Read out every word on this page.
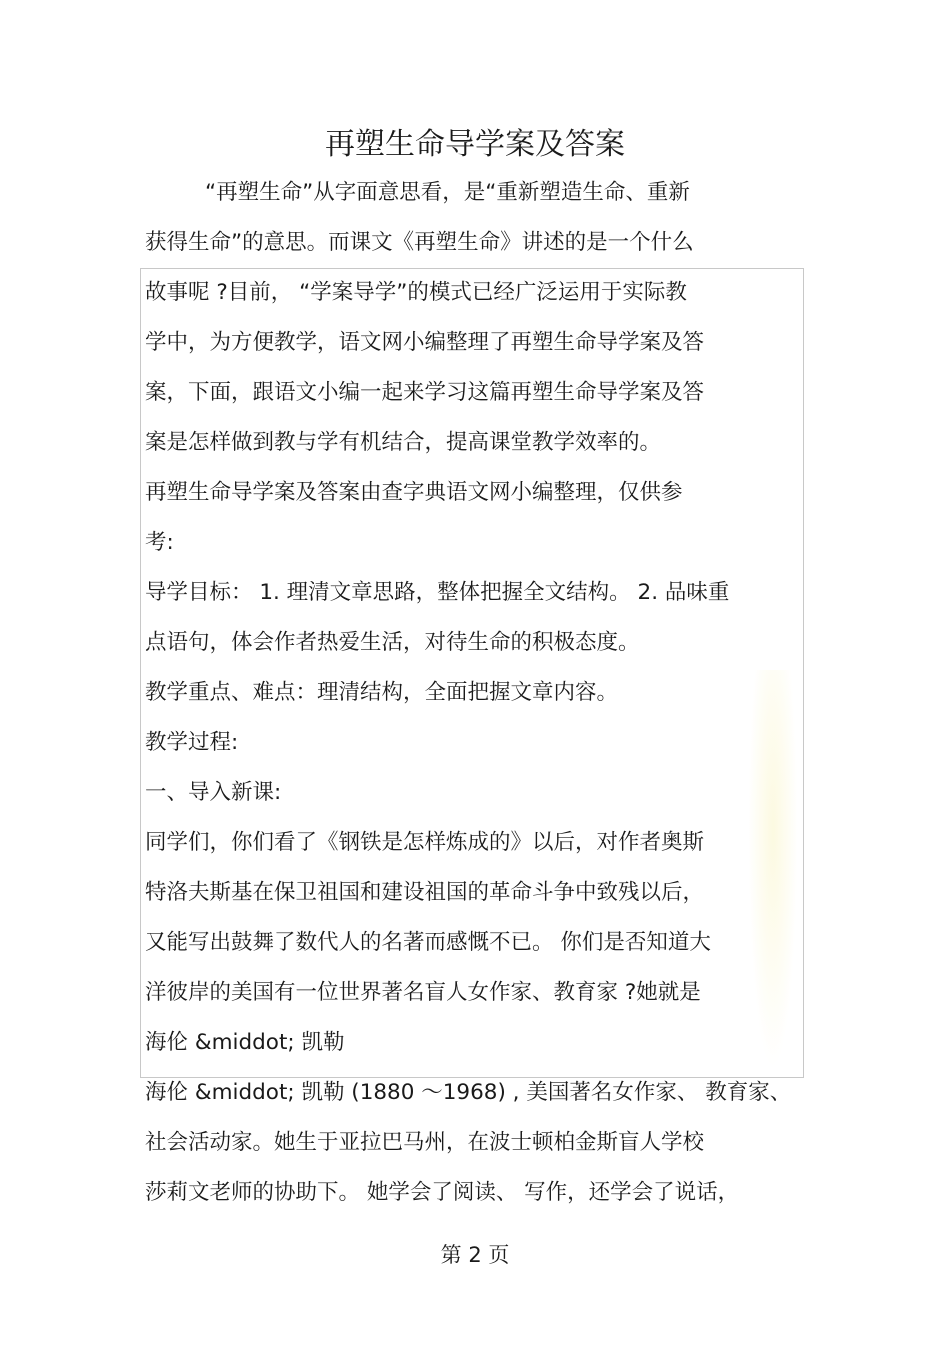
再塑生命导学案及答案
“再塑生命”从字面意思看，是“重新塑造生命、重新
获得生命”的意思。而课文《再塑生命》讲述的是一个什么
故事呢 ?目前， “学案导学”的模式已经广泛运用于实际教
学中，为方便教学，语文网小编整理了再塑生命导学案及答
案，下面，跟语文小编一起来学习这篇再塑生命导学案及答
案是怎样做到教与学有机结合，提高课堂教学效率的。
再塑生命导学案及答案由查字典语文网小编整理，仅供参
考:
导学目标： 1. 理清文章思路，整体把握全文结构。 2. 品味重
点语句，体会作者热爱生活，对待生命的积极态度。
教学重点、难点：理清结构，全面把握文章内容。
教学过程:
一、导入新课:
同学们，你们看了《钢铁是怎样炼成的》以后，对作者奥斯
特洛夫斯基在保卫祖国和建设祖国的革命斗争中致残以后，
又能写出鼓舞了数代人的名著而感慨不已。 你们是否知道大
洋彼岸的美国有一位世界著名盲人女作家、教育家 ?她就是
海伦 &middot; 凯勒
海伦 &middot; 凯勒 (1880 ～1968) , 美国著名女作家、 教育家、
社会活动家。她生于亚拉巴马州，在波士顿柏金斯盲人学校
莎莉文老师的协助下。 她学会了阅读、 写作，还学会了说话，
第 2 页
